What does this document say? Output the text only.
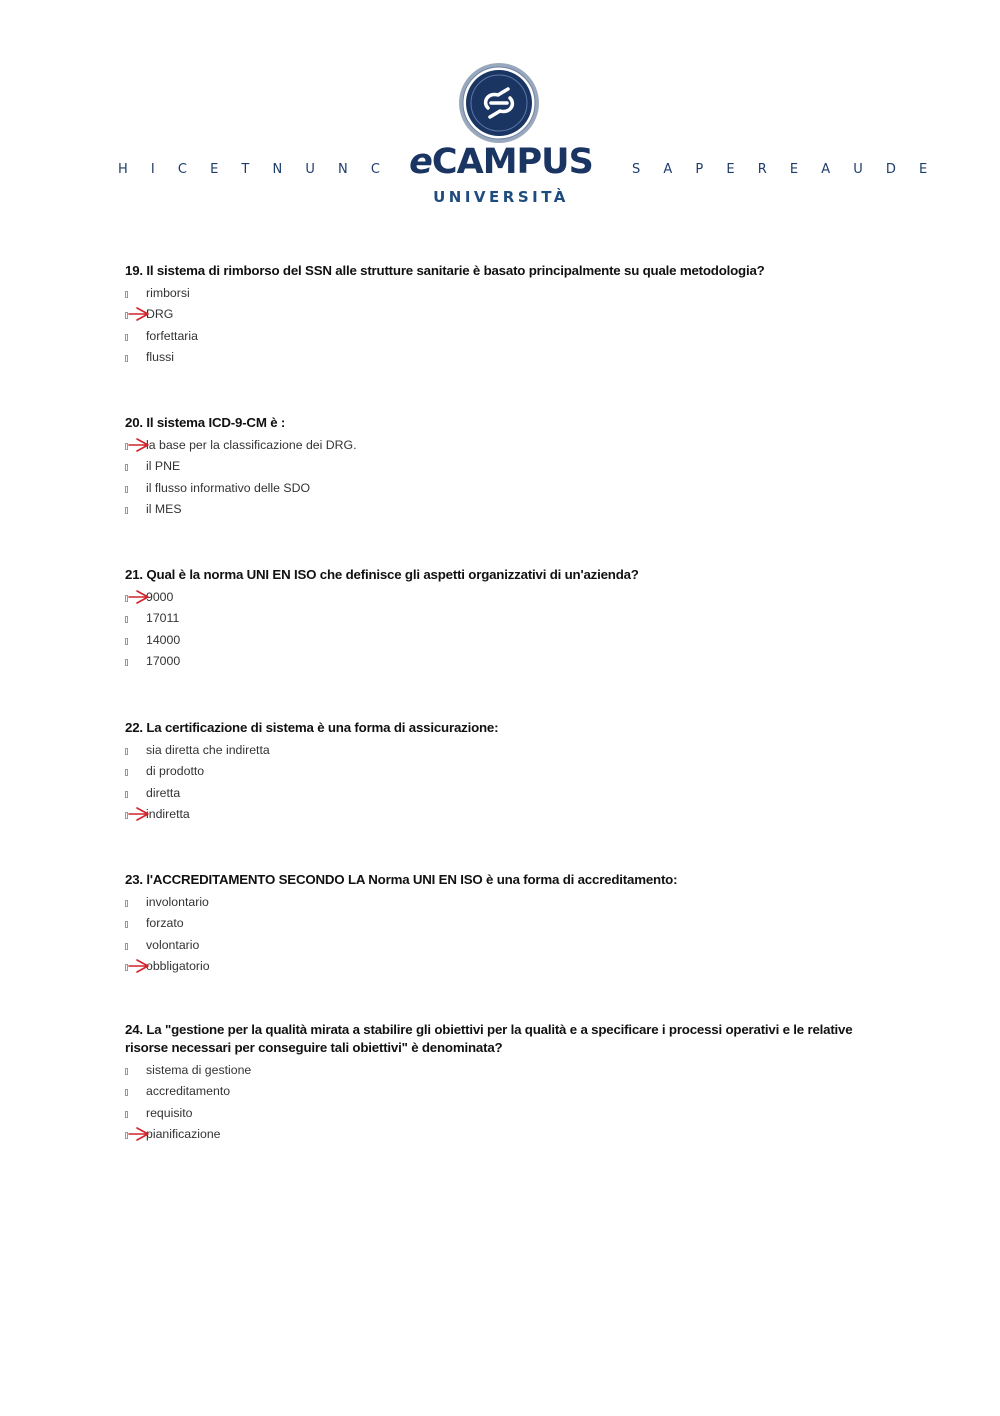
H I C E T N U N C eCAMPUS
UNIVERSITÀ
S A P E R E A U D E
19. Il sistema di rimborso del SSN alle strutture sanitarie è basato principalmente su quale metodologia?
rimborsi
DRG
forfettaria
flussi
20. Il sistema ICD-9-CM è :
la base per la classificazione dei DRG.
il PNE
il flusso informativo delle SDO
il MES
21. Qual è la norma UNI EN ISO che definisce gli aspetti organizzativi di un'azienda?
9000
17011
14000
17000
22. La certificazione di sistema è una forma di assicurazione:
sia diretta che indiretta
di prodotto
diretta
indiretta
23. l'ACCREDITAMENTO SECONDO LA Norma UNI EN ISO è una forma di accreditamento:
involontario
forzato
volontario
obbligatorio
24. La "gestione per la qualità mirata a stabilire gli obiettivi per la qualità e a specificare i processi operativi e le relative risorse necessari per conseguire tali obiettivi" è denominata?
sistema di gestione
accreditamento
requisito
pianificazione
